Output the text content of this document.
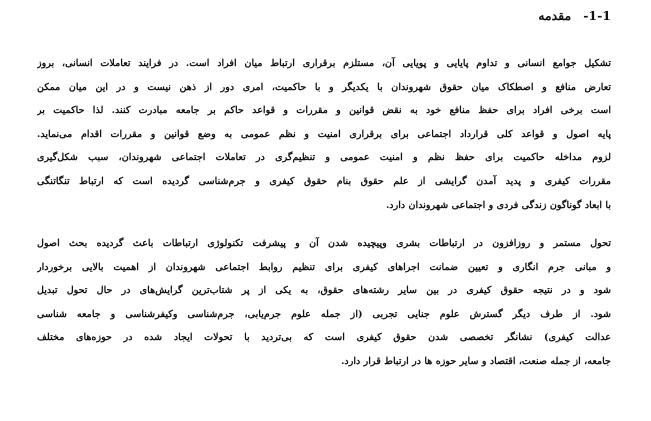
1-1-مقدمه
تشکیل جوامع انسانی و تداوم پایایی و پویایی آن، مستلزم برقراری ارتباط میان افراد است. در فرایند تعاملات انسانی، بروز
تعارض منافع و اصطکاک میان حقوق شهروندان با یکدیگر و با حاکمیت، امری دور از ذهن نیست و در این میان ممکن
است برخی افراد برای حفظ منافع خود به نقض قوانین و مقررات و قواعد حاکم بر جامعه مبادرت کنند. لذا حاکمیت بر
پایه اصول و قواعد کلی قرارداد اجتماعی برای برقراری امنیت و نظم عمومی به وضع قوانین و مقررات اقدام می‌نماید.
لزوم مداخله حاکمیت برای حفظ نظم و امنیت عمومی و تنظیم‌گری در تعاملات اجتماعی شهروندان، سبب شکل‌گیری
مقررات کیفری و پدید آمدن گرایشی از علم حقوق بنام حقوق کیفری و جرم‌شناسی گردیده است که ارتباط تنگاتنگی
با ابعاد گوناگون زندگی فردی و اجتماعی شهروندان دارد.
تحول مستمر و روزافزون در ارتباطات بشری وپیچیده شدن آن و پیشرفت تکنولوژی ارتباطات باعث گردیده بحث اصول
و مبانی جرم انگاری و تعیین ضمانت اجراهای کیفری برای تنظیم روابط اجتماعی شهروندان از اهمیت بالایی برخوردار
شود و در نتیجه حقوق کیفری در بین سایر رشته‌های حقوق، به یکی از پر شتاب‌ترین گرایش‌های در حال تحول تبدیل
شود. از طرف دیگر گسترش علوم جنایی تجربی (از جمله علوم جرم‌یابی، جرم‌شناسی وکیفرشناسی و جامعه شناسی
عدالت کیفری) نشانگر تخصصی شدن حقوق کیفری است که بی‌تردید با تحولات ایجاد شده در حوزه‌های مختلف
جامعه، از جمله صنعت، اقتصاد و سایر حوزه ها در ارتباط قرار دارد.
